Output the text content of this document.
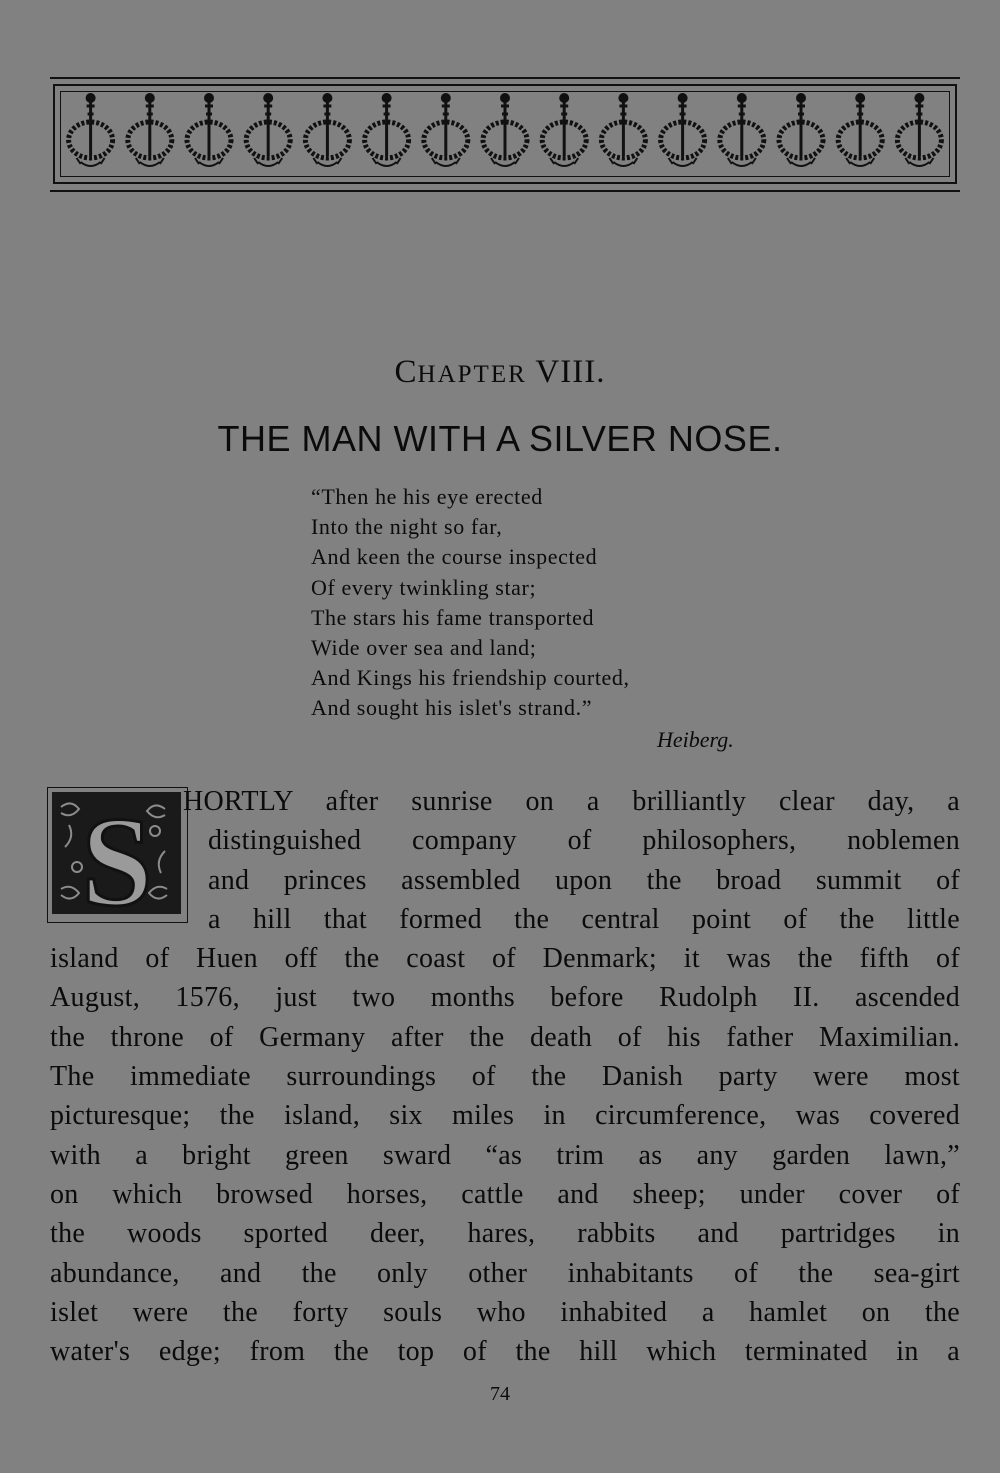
CHAPTER VIII.
THE MAN WITH A SILVER NOSE.
“Then he his eye erected
Into the night so far,
And keen the course inspected
Of every twinkling star;
The stars his fame transported
Wide over sea and land;
And Kings his friendship courted,
And sought his islet's strand.”
Heiberg.
S HORTLY after sunrise on a brilliantly clear day, a
distinguished company of philosophers, noblemen
and princes assembled upon the broad summit of
a hill that formed the central point of the little
island of Huen off the coast of Denmark; it was the fifth of
August, 1576, just two months before Rudolph II. ascended
the throne of Germany after the death of his father Maximilian.
The immediate surroundings of the Danish party were most
picturesque; the island, six miles in circumference, was covered
with a bright green sward “as trim as any garden lawn,”
on which browsed horses, cattle and sheep; under cover of
the woods sported deer, hares, rabbits and partridges in
abundance, and the only other inhabitants of the sea-girt
islet were the forty souls who inhabited a hamlet on the
water's edge; from the top of the hill which terminated in a
74
